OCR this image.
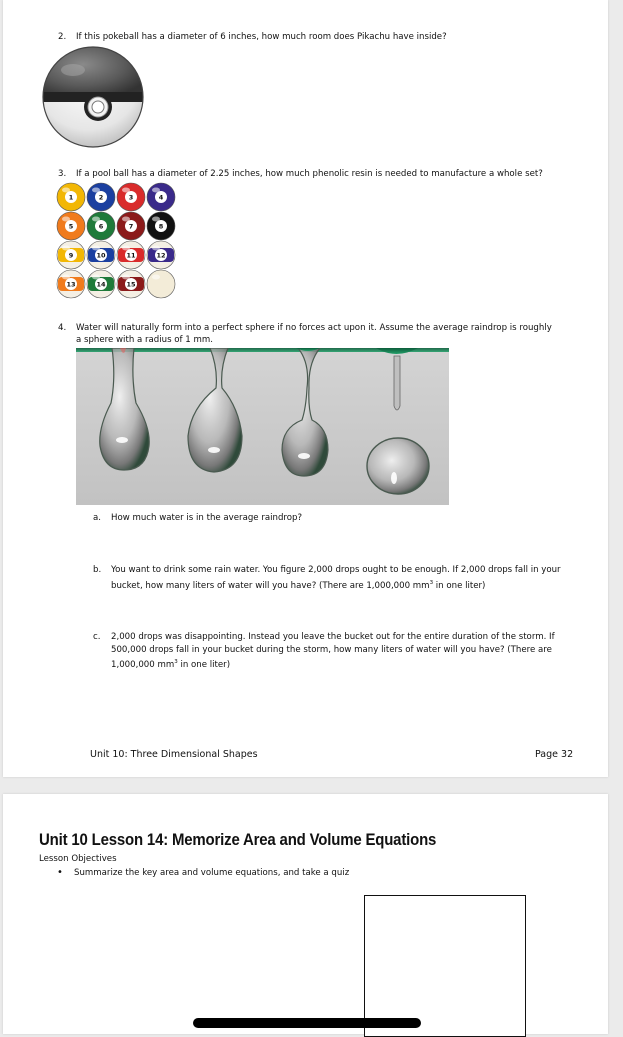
2. If this pokeball has a diameter of 6 inches, how much room does Pikachu have inside?
3. If a pool ball has a diameter of 2.25 inches, how much phenolic resin is needed to manufacture a whole set?
1	2	3	4
5	6	7	8
9	10	11	12
13	14	15
4. Water will naturally form into a perfect sphere if no forces act upon it. Assume the average raindrop is roughly
a sphere with a radius of 1 mm.
a. How much water is in the average raindrop?
b. You want to drink some rain water. You figure 2,000 drops ought to be enough. If 2,000 drops fall in your bucket, how many liters of water will you have? (There are 1,000,000 $mm^3$ in one liter)
c. 2,000 drops was disappointing. Instead you leave the bucket out for the entire duration of the storm. If 500,000 drops fall in your bucket during the storm, how many liters of water will you have? (There are 1,000,000 $mm^3$ in one liter)
Unit 10: Three Dimensional Shapes	Page 32
Unit 10 Lesson 14: Memorize Area and Volume Equations
Lesson Objectives
• Summarize the key area and volume equations, and take a quiz
